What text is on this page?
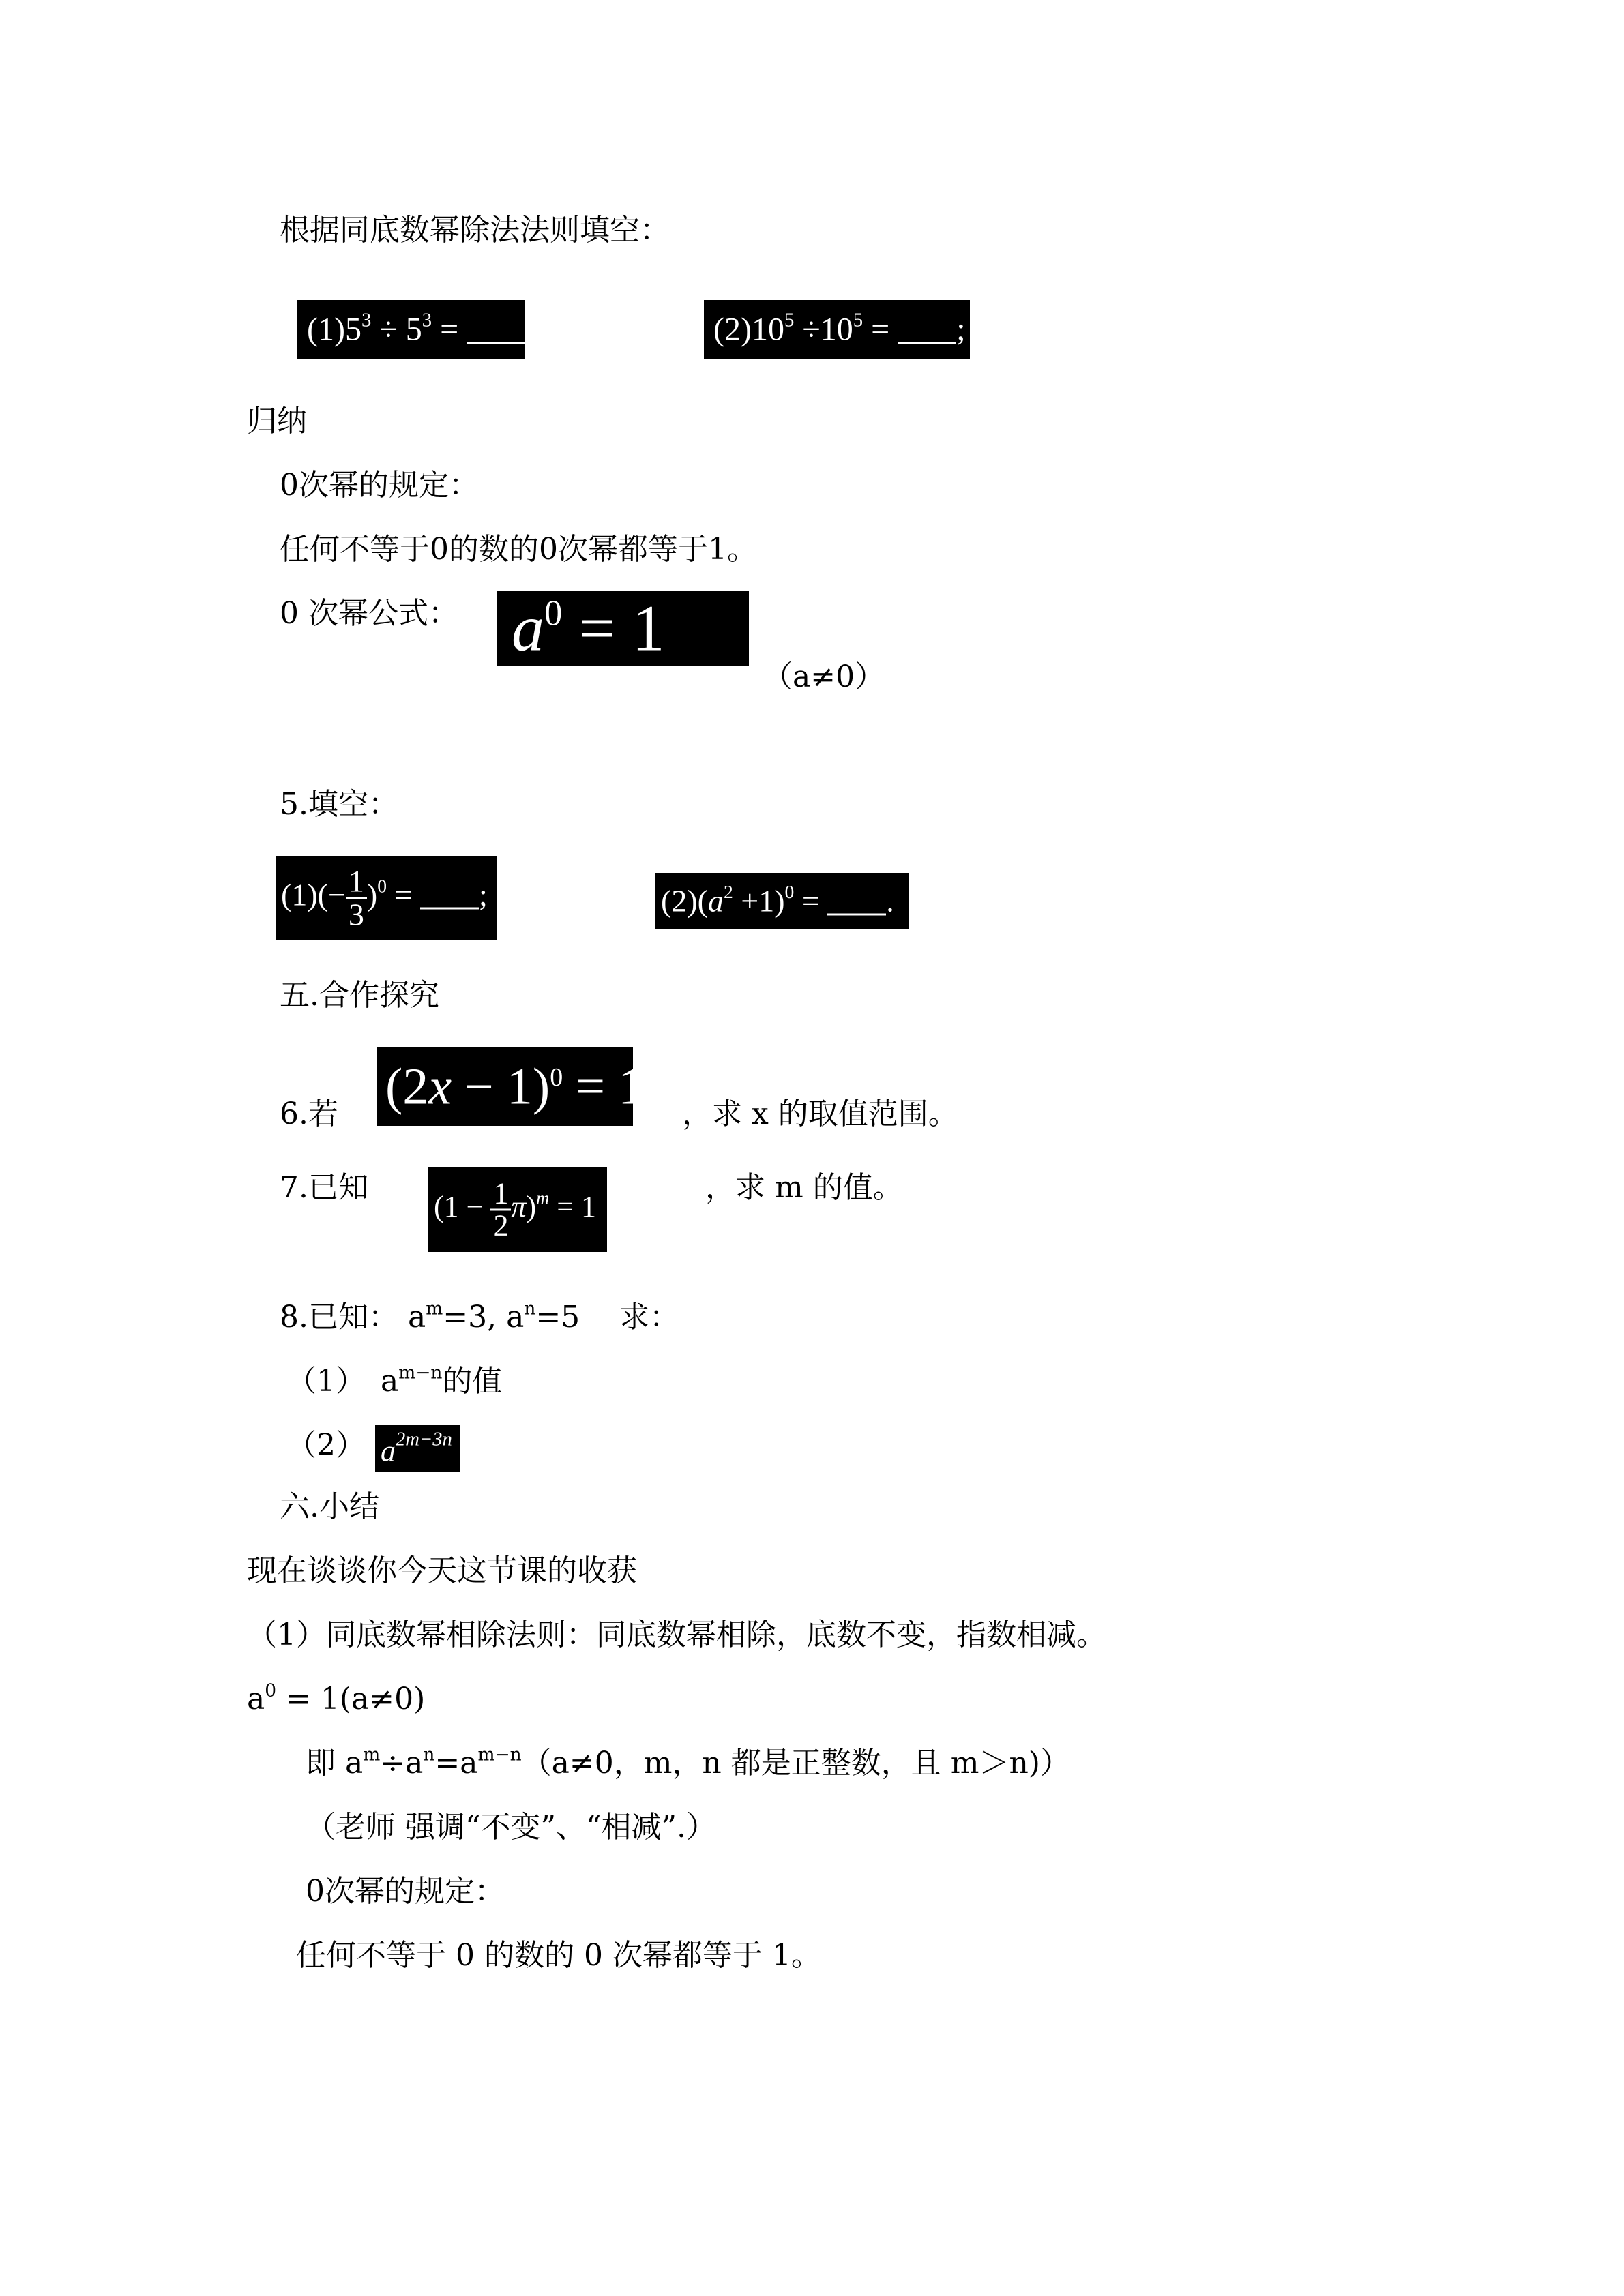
根据同底数幂除法法则填空：
$(1)5^3 \div 5^3$ = ;	$(2)10^5 \div 10^5$ = ;
归纳
0次幂的规定：
任何不等于0的数的0次幂都等于1。
0 次幂公式： $a^0 = 1$
（a≠0）
5.填空：
$(1)(- \frac{1}{3} )^0$ = ;	$(2)(a^2 +1)^0$ = .
五.合作探究
6.若 $(2x - 1)^0 = 1$ ，求 x 的取值范围。
7.已知
$(1 - \frac{1}{2} \pi)^m = 1$
，求 m 的值。
8.已知： $a^m=3$, $a^n=5$ 　求：
（1）　$a^{m-n}$的值
（2） $a^{2m-3n}$
六.小结
现在谈谈你今天这节课的收获
（1）同底数幂相除法则：同底数幂相除，底数不变，指数相减。
$a^0 = 1(a\ne 0)$
即 $a^m\div a^n=a^{m-n}(a\ne 0$，m，n 都是正整数，且 m＞n)）
（老师 强调“不变”、“相减”.）
0次幂的规定：
任何不等于 0 的数的 0 次幂都等于 1。
